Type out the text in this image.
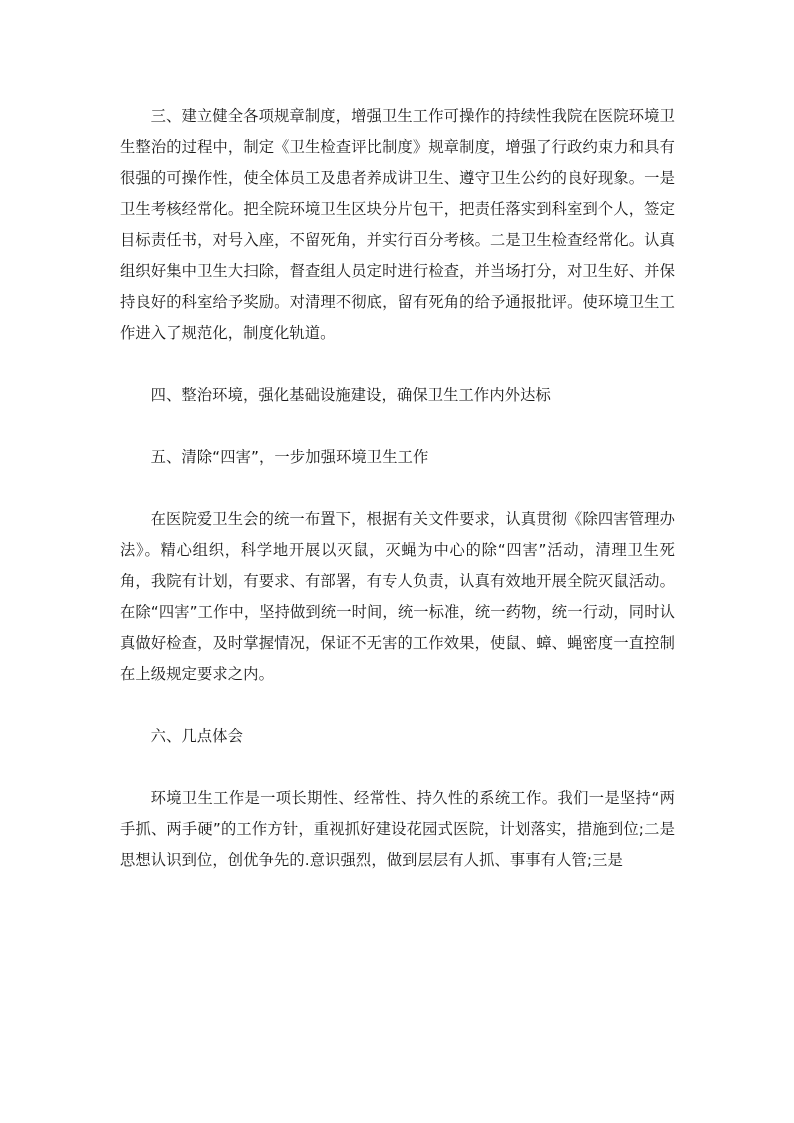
三、建立健全各项规章制度，增强卫生工作可操作的持续性我院在医院环境卫生整治的过程中，制定《卫生检查评比制度》规章制度，增强了行政约束力和具有很强的可操作性，使全体员工及患者养成讲卫生、遵守卫生公约的良好现象。一是卫生考核经常化。把全院环境卫生区块分片包干，把责任落实到科室到个人，签定目标责任书，对号入座，不留死角，并实行百分考核。二是卫生检查经常化。认真组织好集中卫生大扫除，督查组人员定时进行检查，并当场打分，对卫生好、并保持良好的科室给予奖励。对清理不彻底，留有死角的给予通报批评。使环境卫生工作进入了规范化，制度化轨道。

四、整治环境，强化基础设施建设，确保卫生工作内外达标

五、清除“四害”，一步加强环境卫生工作

在医院爱卫生会的统一布置下，根据有关文件要求，认真贯彻《除四害管理办法》。精心组织，科学地开展以灭鼠，灭蝇为中心的除“四害”活动，清理卫生死角，我院有计划，有要求、有部署，有专人负责，认真有效地开展全院灭鼠活动。在除“四害”工作中，坚持做到统一时间，统一标准，统一药物，统一行动，同时认真做好检查，及时掌握情况，保证不无害的工作效果，使鼠、蟑、蝇密度一直控制在上级规定要求之内。

六、几点体会

环境卫生工作是一项长期性、经常性、持久性的系统工作。我们一是坚持“两手抓、两手硬”的工作方针，重视抓好建设花园式医院，计划落实，措施到位;二是思想认识到位，创优争先的.意识强烈，做到层层有人抓、事事有人管;三是
